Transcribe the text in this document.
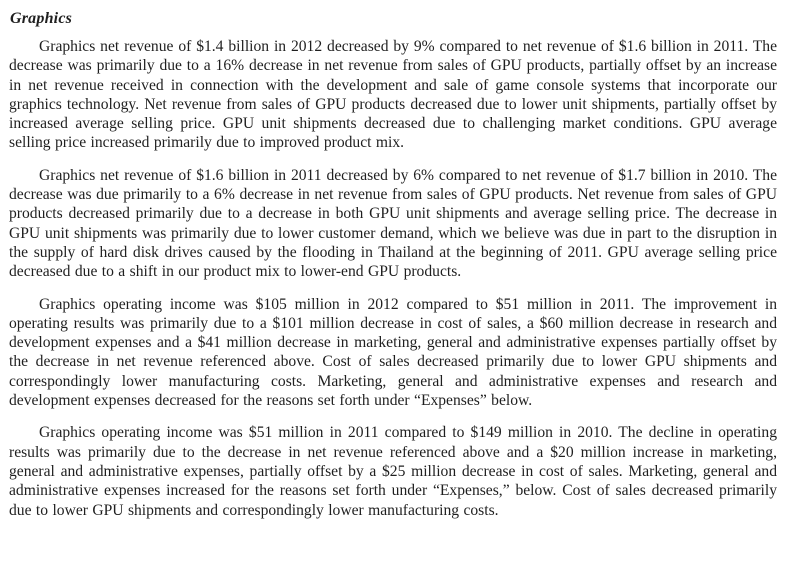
Graphics

Graphics net revenue of $1.4 billion in 2012 decreased by 9% compared to net revenue of $1.6 billion in 2011. The decrease was primarily due to a 16% decrease in net revenue from sales of GPU products, partially offset by an increase in net revenue received in connection with the development and sale of game console systems that incorporate our graphics technology. Net revenue from sales of GPU products decreased due to lower unit shipments, partially offset by increased average selling price. GPU unit shipments decreased due to challenging market conditions. GPU average selling price increased primarily due to improved product mix.

Graphics net revenue of $1.6 billion in 2011 decreased by 6% compared to net revenue of $1.7 billion in 2010. The decrease was due primarily to a 6% decrease in net revenue from sales of GPU products. Net revenue from sales of GPU products decreased primarily due to a decrease in both GPU unit shipments and average selling price. The decrease in GPU unit shipments was primarily due to lower customer demand, which we believe was due in part to the disruption in the supply of hard disk drives caused by the flooding in Thailand at the beginning of 2011. GPU average selling price decreased due to a shift in our product mix to lower-end GPU products.

Graphics operating income was $105 million in 2012 compared to $51 million in 2011. The improvement in operating results was primarily due to a $101 million decrease in cost of sales, a $60 million decrease in research and development expenses and a $41 million decrease in marketing, general and administrative expenses partially offset by the decrease in net revenue referenced above. Cost of sales decreased primarily due to lower GPU shipments and correspondingly lower manufacturing costs. Marketing, general and administrative expenses and research and development expenses decreased for the reasons set forth under “Expenses” below.

Graphics operating income was $51 million in 2011 compared to $149 million in 2010. The decline in operating results was primarily due to the decrease in net revenue referenced above and a $20 million increase in marketing, general and administrative expenses, partially offset by a $25 million decrease in cost of sales. Marketing, general and administrative expenses increased for the reasons set forth under “Expenses,” below. Cost of sales decreased primarily due to lower GPU shipments and correspondingly lower manufacturing costs.
